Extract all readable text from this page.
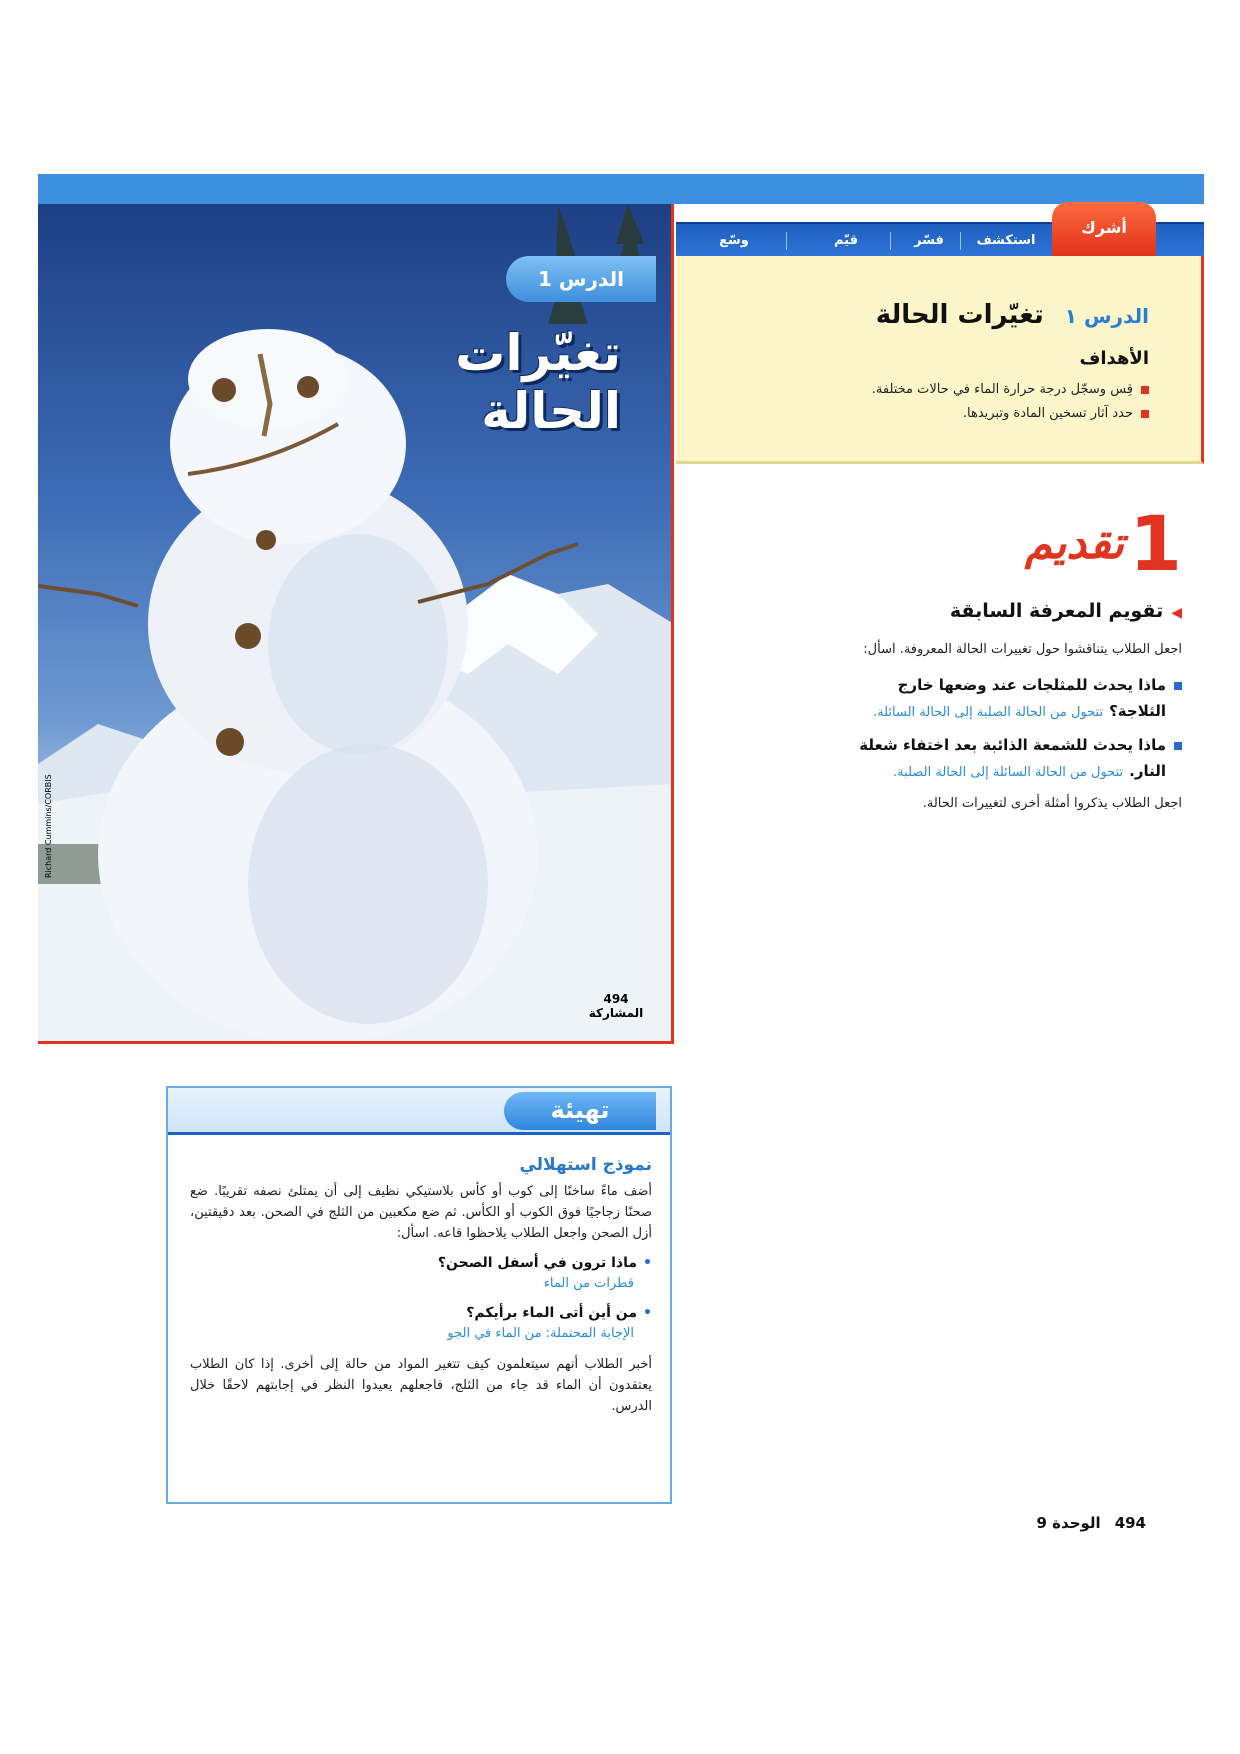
وسّع	قيّم	فسّر	استكشف
أشرك
الدرس 1
تغيّرات
الحالة
Richard Cummins/CORBIS
494
المشاركة
الدرس ١ تغيّرات الحالة
الأهداف
قِس وسجّل درجة حرارة الماء في حالات مختلفة.
حدد آثار تسخين المادة وتبريدها.
1 تقديم
◀تقويم المعرفة السابقة
اجعل الطلاب يتناقشوا حول تغييرات الحالة المعروفة. اسأل:
ماذا يحدث للمثلجات عند وضعها خارج
الثلاجة؟تتحول من الحالة الصلبة إلى الحالة السائلة.
ماذا يحدث للشمعة الذائبة بعد اختفاء شعلة
النار.تتحول من الحالة السائلة إلى الحالة الصلبة.
اجعل الطلاب يذكروا أمثلة أخرى لتغييرات الحالة.
تهيئة
نموذج استهلالي
أضف ماءً ساخنًا إلى كوب أو كأس بلاستيكي نظيف إلى أن يمتلئ نصفه تقريبًا. ضع صحنًا زجاجيًا فوق الكوب أو الكأس. ثم ضع مكعبين من الثلج في الصحن. بعد دقيقتين، أزل الصحن واجعل الطلاب يلاحظوا قاعه. اسأل:
•ماذا ترون في أسفل الصحن؟
قطرات من الماء
•من أين أتى الماء برأيكم؟
الإجابة المحتملة: من الماء في الجو
أخبر الطلاب أنهم سيتعلمون كيف تتغير المواد من حالة إلى أخرى. إذا كان الطلاب يعتقدون أن الماء قد جاء من الثلج، فاجعلهم يعيدوا النظر في إجابتهم لاحقًا خلال الدرس.
494الوحدة 9
